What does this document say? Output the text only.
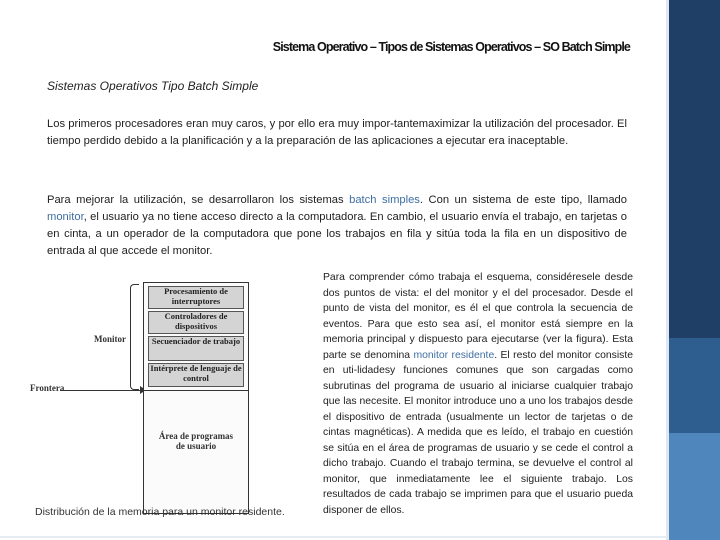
Sistema Operativo – Tipos de Sistemas Operativos – SO Batch Simple
Sistemas Operativos Tipo Batch Simple
Los primeros procesadores eran muy caros, y por ello era muy impor-tantemaximizar la utilización del procesador. El tiempo perdido debido a la planificación y a la preparación de las aplicaciones a ejecutar era inaceptable.
Para mejorar la utilización, se desarrollaron los sistemas batch simples. Con un sistema de este tipo, llamado monitor, el usuario ya no tiene acceso directo a la computadora. En cambio, el usuario envía el trabajo, en tarjetas o en cinta, a un operador de la computadora que pone los trabajos en fila y sitúa toda la fila en un dispositivo de entrada al que accede el monitor.
Monitor
Frontera
Procesamiento de interruptores
Controladores de dispositivos
Secuenciador de trabajo
Intérprete de lenguaje de control
Área de programas de usuario
Distribución de la memoria para un monitor residente.
Para comprender cómo trabaja el esquema, considéresele desde dos puntos de vista: el del monitor y el del procesador. Desde el punto de vista del monitor, es él el que controla la secuencia de eventos. Para que esto sea así, el monitor está siempre en la memoria principal y dispuesto para ejecutarse (ver la figura). Esta parte se denomina monitor residente. El resto del monitor consiste en uti-lidadesy funciones comunes que son cargadas como subrutinas del programa de usuario al iniciarse cualquier trabajo que las necesite. El monitor introduce uno a uno los trabajos desde el dispositivo de entrada (usualmente un lector de tarjetas o de cintas magnéticas). A medida que es leído, el trabajo en cuestión se sitúa en el área de programas de usuario y se cede el control a dicho trabajo. Cuando el trabajo termina, se devuelve el control al monitor, que inmediatamente lee el siguiente trabajo. Los resultados de cada trabajo se imprimen para que el usuario pueda disponer de ellos.
